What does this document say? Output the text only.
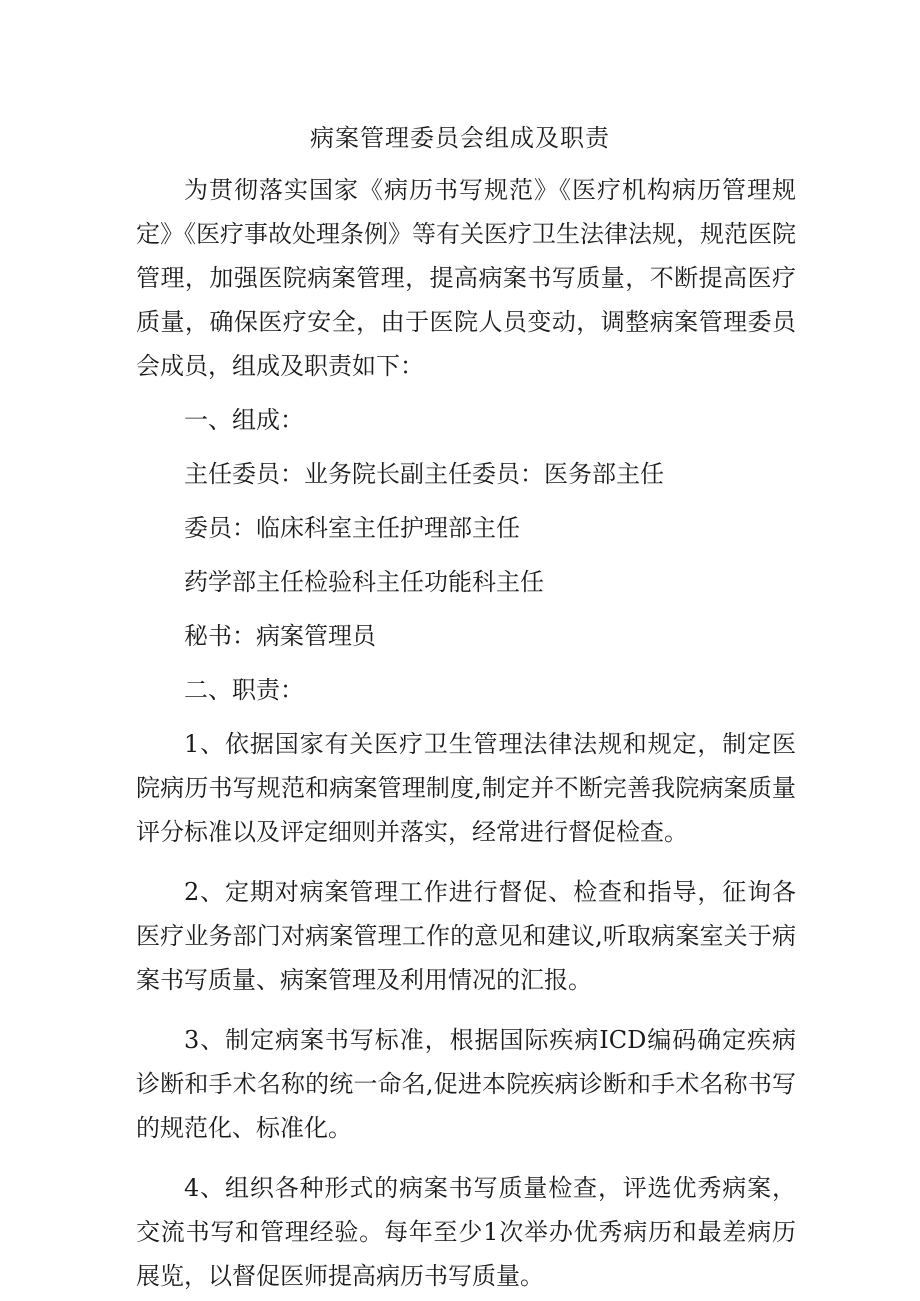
病案管理委员会组成及职责

为贯彻落实国家《病历书写规范》《医疗机构病历管理规定》《医疗事故处理条例》等有关医疗卫生法律法规，规范医院管理，加强医院病案管理，提高病案书写质量，不断提高医疗质量，确保医疗安全，由于医院人员变动，调整病案管理委员会成员，组成及职责如下：

一、组成：

主任委员：业务院长副主任委员：医务部主任

委员：临床科室主任护理部主任

药学部主任检验科主任功能科主任

秘书：病案管理员

二、职责：

1、依据国家有关医疗卫生管理法律法规和规定，制定医院病历书写规范和病案管理制度,制定并不断完善我院病案质量评分标准以及评定细则并落实，经常进行督促检查。

2、定期对病案管理工作进行督促、检查和指导，征询各医疗业务部门对病案管理工作的意见和建议,听取病案室关于病案书写质量、病案管理及利用情况的汇报。

3、制定病案书写标准，根据国际疾病ICD编码确定疾病诊断和手术名称的统一命名,促进本院疾病诊断和手术名称书写的规范化、标准化。

4、组织各种形式的病案书写质量检查，评选优秀病案，交流书写和管理经验。每年至少1次举办优秀病历和最差病历展览，以督促医师提高病历书写质量。
